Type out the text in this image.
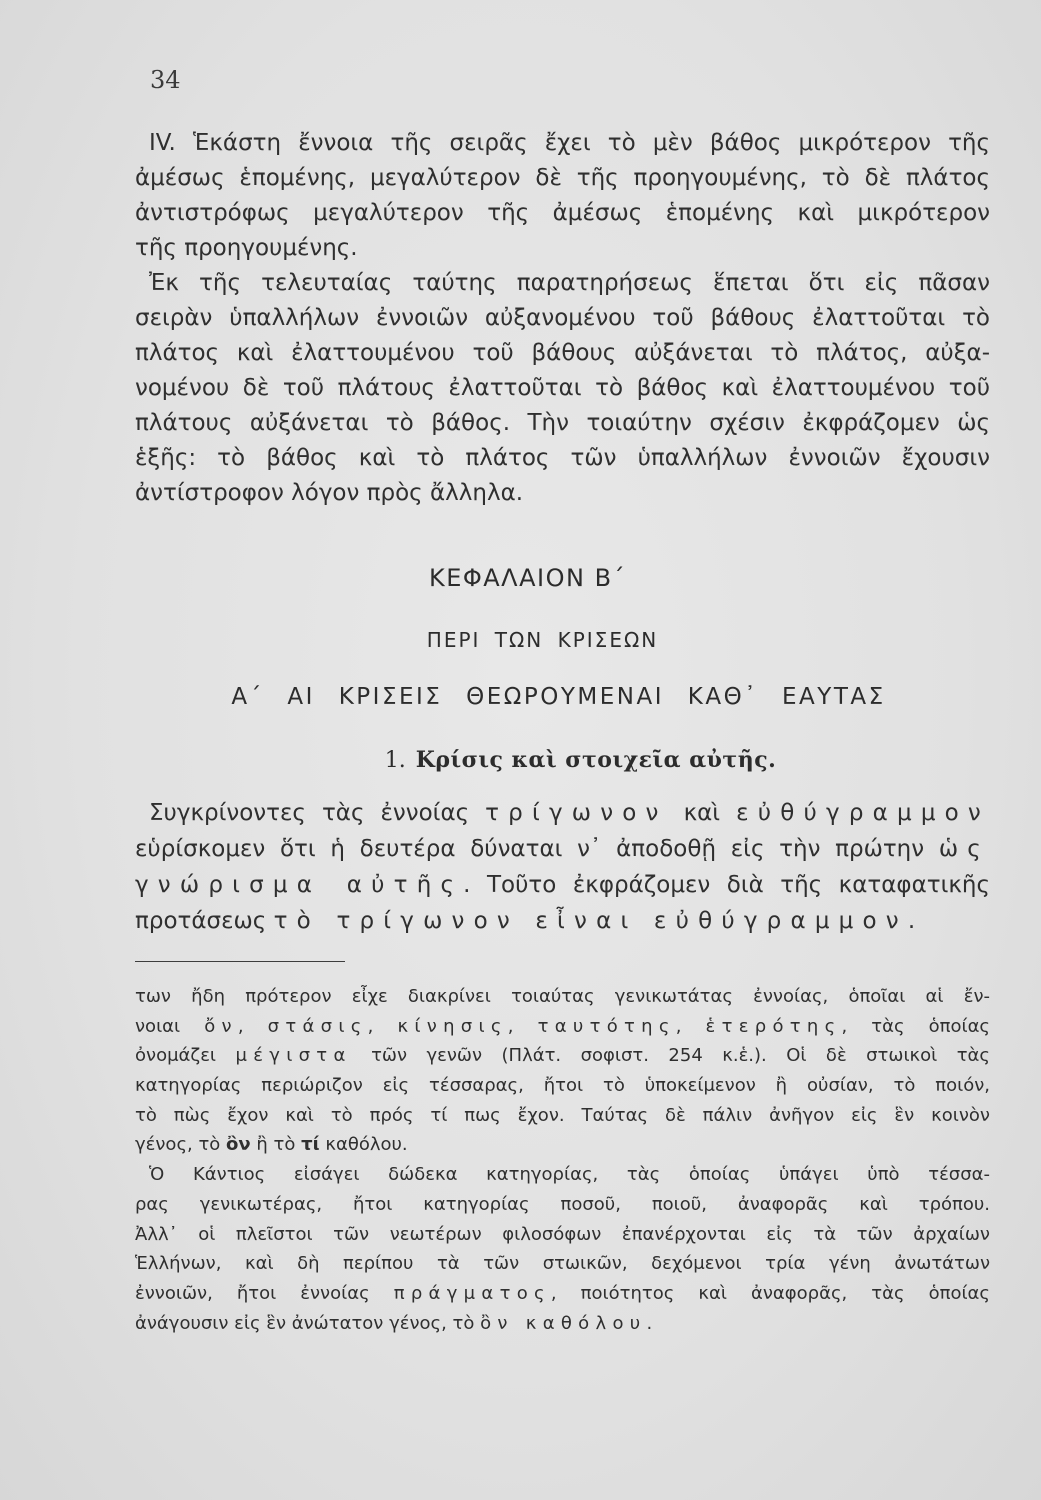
34
IV. Ἑκάστη ἔννοια τῆς σειρᾶς ἔχει τὸ μὲν βάθος μικρότερον τῆς
ἀμέσως ἑπομένης, μεγαλύτερον δὲ τῆς προηγουμένης, τὸ δὲ πλάτος
ἀντιστρόφως μεγαλύτερον τῆς ἀμέσως ἑπομένης καὶ μικρότερον
τῆς προηγουμένης.
Ἐκ τῆς τελευταίας ταύτης παρατηρήσεως ἕπεται ὅτι εἰς πᾶσαν
σειρὰν ὑπαλλήλων ἐννοιῶν αὐξανομένου τοῦ βάθους ἐλαττοῦται τὸ
πλάτος καὶ ἐλαττουμένου τοῦ βάθους αὐξάνεται τὸ πλάτος, αὐξα-
νομένου δὲ τοῦ πλάτους ἐλαττοῦται τὸ βάθος καὶ ἐλαττουμένου τοῦ
πλάτους αὐξάνεται τὸ βάθος. Τὴν τοιαύτην σχέσιν ἐκφράζομεν ὡς
ἑξῆς: τὸ βάθος καὶ τὸ πλάτος τῶν ὑπαλλήλων ἐννοιῶν ἔχουσιν
ἀντίστροφον λόγον πρὸς ἄλληλα.
ΚΕΦΑΛΑΙΟΝ Β΄
ΠΕΡΙ ΤΩΝ ΚΡΙΣΕΩΝ
Α΄ ΑΙ ΚΡΙΣΕΙΣ ΘΕΩΡΟΥΜΕΝΑΙ ΚΑΘ᾽ ΕΑΥΤΑΣ
1. Κρίσις καὶ στοιχεῖα αὐτῆς.
Συγκρίνοντες τὰς ἐννοίας τρίγωνον καὶ εὐθύγραμμον
εὑρίσκομεν ὅτι ἡ δευτέρα δύναται ν᾽ ἀποδοθῇ εἰς τὴν πρώτην ὡς
γνώρισμα αὐτῆς. Τοῦτο ἐκφράζομεν διὰ τῆς καταφατικῆς
προτάσεως τὸ τρίγωνον εἶναι εὐθύγραμμον.
των ἤδη πρότερον εἶχε διακρίνει τοιαύτας γενικωτάτας ἐννοίας, ὁποῖαι αἱ ἔν-
νοιαι ὄν, στάσις, κίνησις, ταυτότης, ἑτερότης, τὰς ὁποίας
ὀνομάζει μέγιστα τῶν γενῶν (Πλάτ. σοφιστ. 254 κ.ἑ.). Οἱ δὲ στωικοὶ τὰς
κατηγορίας περιώριζον εἰς τέσσαρας, ἤτοι τὸ ὑποκείμενον ἢ οὐσίαν, τὸ ποιόν,
τὸ πὼς ἔχον καὶ τὸ πρός τί πως ἔχον. Ταύτας δὲ πάλιν ἀνῆγον εἰς ἓν κοινὸν
γένος, τὸ ὂν ἢ τὸ τί καθόλου.
Ὁ Κάντιος εἰσάγει δώδεκα κατηγορίας, τὰς ὁποίας ὑπάγει ὑπὸ τέσσα-
ρας γενικωτέρας, ἤτοι κατηγορίας ποσοῦ, ποιοῦ, ἀναφορᾶς καὶ τρόπου.
Ἀλλ᾽ οἱ πλεῖστοι τῶν νεωτέρων φιλοσόφων ἐπανέρχονται εἰς τὰ τῶν ἀρχαίων
Ἑλλήνων, καὶ δὴ περίπου τὰ τῶν στωικῶν, δεχόμενοι τρία γένη ἀνωτάτων
ἐννοιῶν, ἤτοι ἐννοίας πράγματος, ποιότητος καὶ ἀναφορᾶς, τὰς ὁποίας
ἀνάγουσιν εἰς ἓν ἀνώτατον γένος, τὸ ὂν καθόλου.
